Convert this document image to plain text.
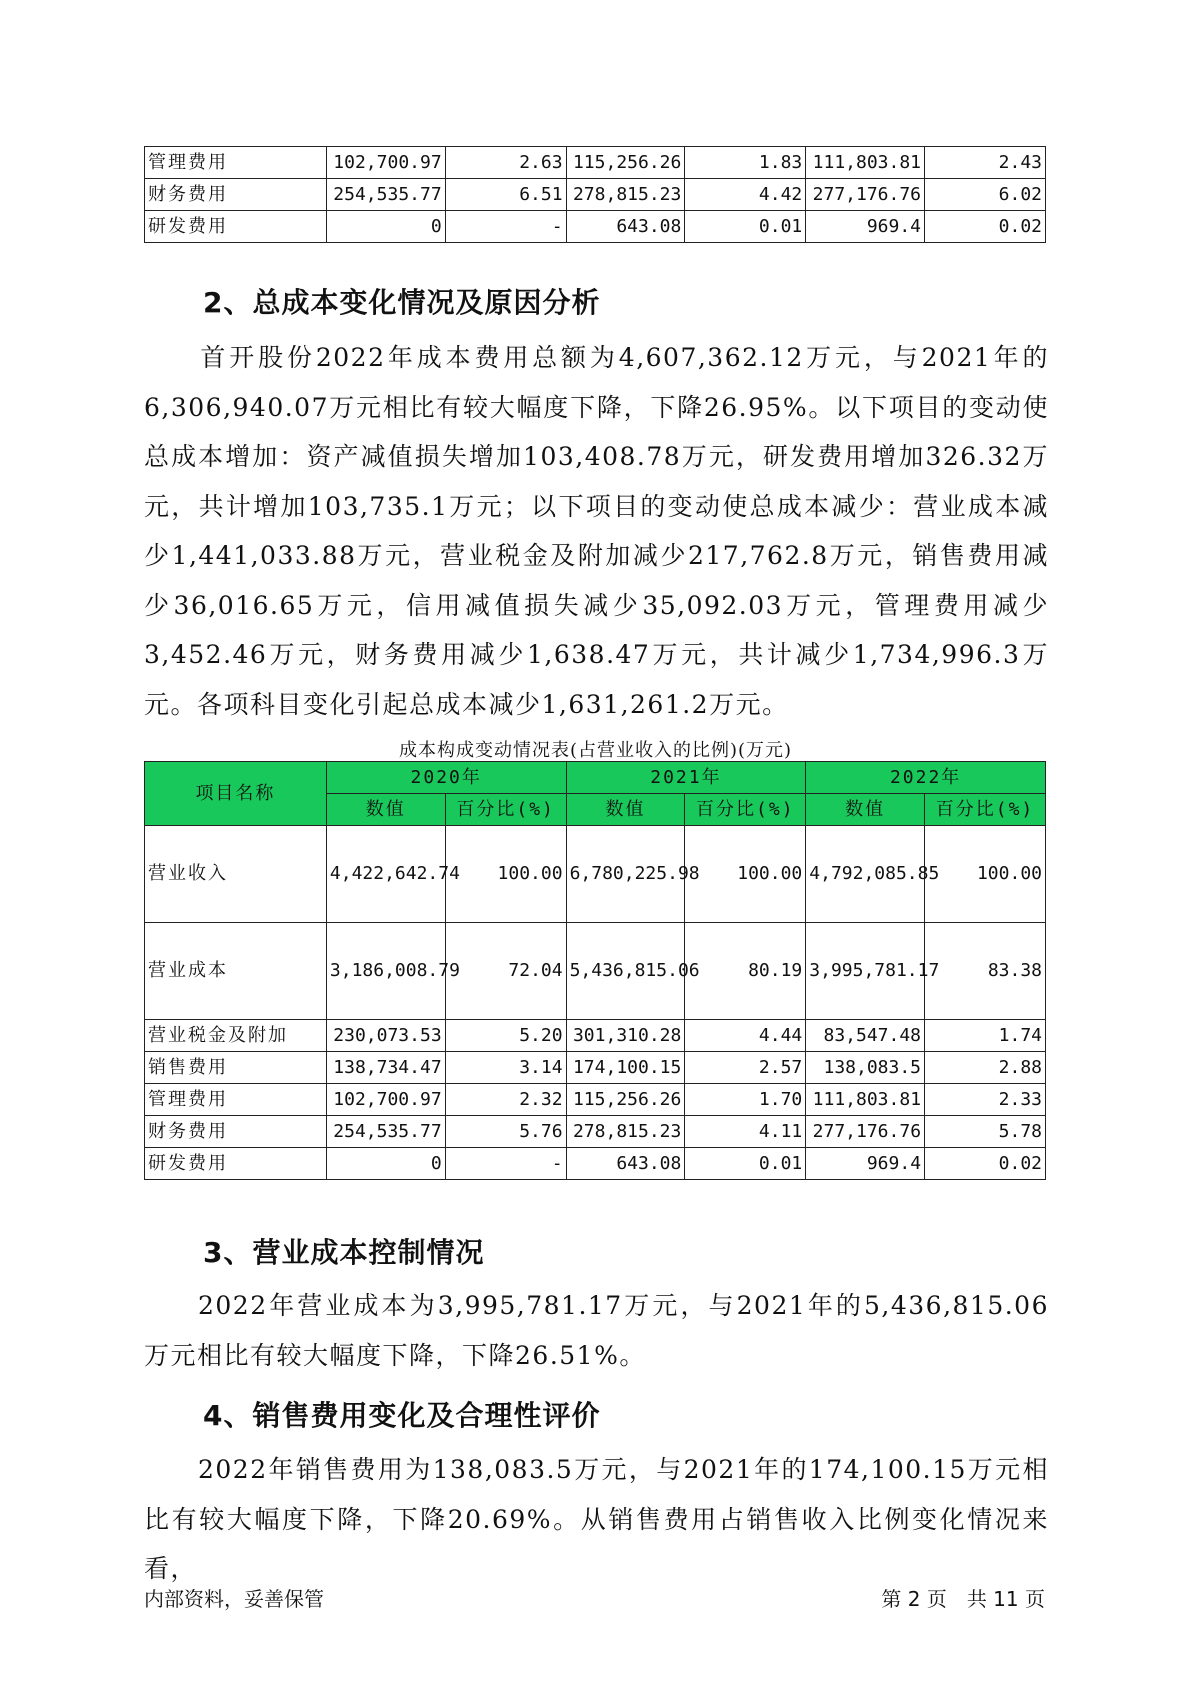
管理费用	102,700.97	2.63	115,256.26	1.83	111,803.81	2.43
财务费用	254,535.77	6.51	278,815.23	4.42	277,176.76	6.02
研发费用	0	-	643.08	0.01	969.4	0.02
2、总成本变化情况及原因分析
首开股份2022年成本费用总额为4,607,362.12万元，与2021年的6,306,940.07万元相比有较大幅度下降，下降26.95%。以下项目的变动使总成本增加：资产减值损失增加103,408.78万元，研发费用增加326.32万元，共计增加103,735.1万元；以下项目的变动使总成本减少：营业成本减少1,441,033.88万元，营业税金及附加减少217,762.8万元，销售费用减少36,016.65万元，信用减值损失减少35,092.03万元，管理费用减少3,452.46万元，财务费用减少1,638.47万元，共计减少1,734,996.3万元。各项科目变化引起总成本减少1,631,261.2万元。
成本构成变动情况表(占营业收入的比例)(万元)
项目名称	2020年		2021年		2022年	
	数值	百分比(%)	数值	百分比(%)	数值	百分比(%)
营业收入	4,422,642.74	100.00	6,780,225.98	100.00	4,792,085.85	100.00
营业成本	3,186,008.79	72.04	5,436,815.06	80.19	3,995,781.17	83.38
营业税金及附加	230,073.53	5.20	301,310.28	4.44	83,547.48	1.74
销售费用	138,734.47	3.14	174,100.15	2.57	138,083.5	2.88
管理费用	102,700.97	2.32	115,256.26	1.70	111,803.81	2.33
财务费用	254,535.77	5.76	278,815.23	4.11	277,176.76	5.78
研发费用	0	-	643.08	0.01	969.4	0.02
3、营业成本控制情况
2022年营业成本为3,995,781.17万元，与2021年的5,436,815.06万元相比有较大幅度下降，下降26.51%。
4、销售费用变化及合理性评价
2022年销售费用为138,083.5万元，与2021年的174,100.15万元相比有较大幅度下降，下降20.69%。从销售费用占销售收入比例变化情况来看，
内部资料，妥善保管	第 2 页　共 11 页
